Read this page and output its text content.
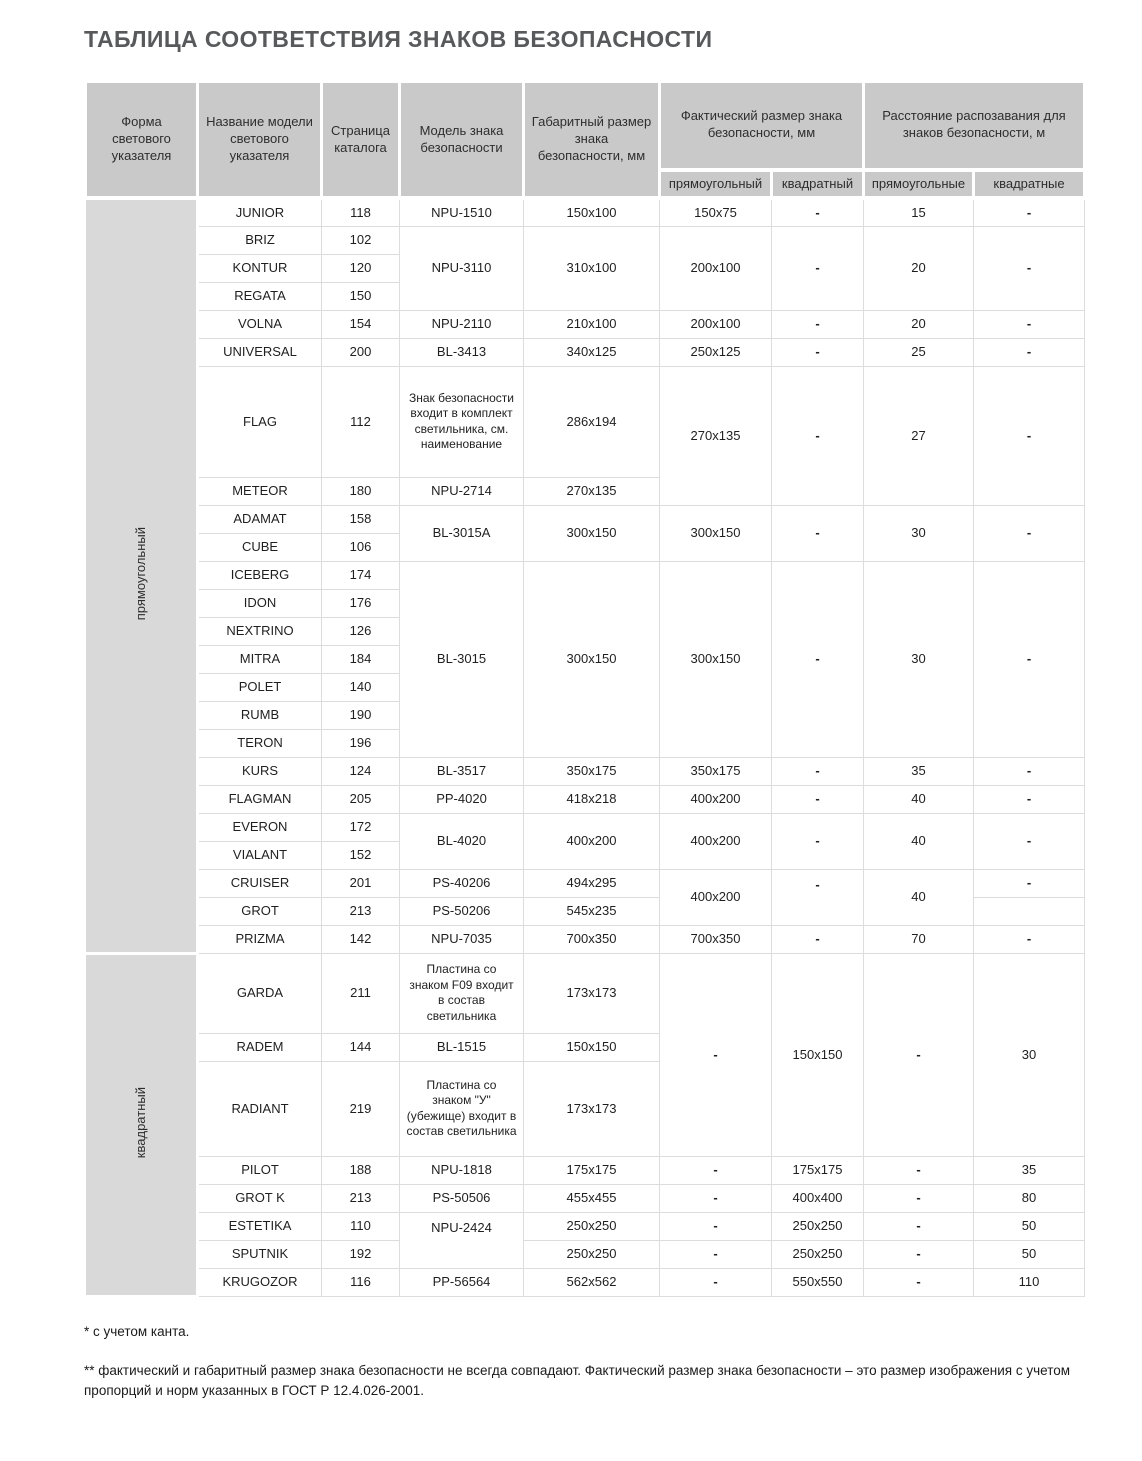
ТАБЛИЦА СООТВЕТСТВИЯ ЗНАКОВ БЕЗОПАСНОСТИ
Форма светового указателя	Название модели светового указателя	Страница каталога	Модель знака безопасности	Габаритный размер знака безопасности, мм	Фактический размер знака безопасности, мм		Расстояние распозавания для знаков безопасности, м	
					прямоугольный	квадратный	прямоугольные	квадратные
прямоугольный	JUNIOR	118	NPU-1510	150x100	150x75	-	15	-
	BRIZ	102	NPU-3110	310x100	200x100	-	20	-
	KONTUR	120						
	REGATA	150						
	VOLNA	154	NPU-2110	210x100	200x100	-	20	-
	UNIVERSAL	200	BL-3413	340x125	250x125	-	25	-
	FLAG	112	Знак безопасности входит в комплект светильника, см. наименование	286x194	270x135	-	27	-
	METEOR	180	NPU-2714	270x135				
	ADAMAT	158	BL-3015A	300x150	300x150	-	30	-
	CUBE	106						
	ICEBERG	174	BL-3015	300x150	300x150	-	30	-
	IDON	176						
	NEXTRINO	126						
	MITRA	184						
	POLET	140						
	RUMB	190						
	TERON	196						
	KURS	124	BL-3517	350x175	350x175	-	35	-
	FLAGMAN	205	PP-4020	418x218	400x200	-	40	-
	EVERON	172	BL-4020	400x200	400x200	-	40	-
	VIALANT	152						
	CRUISER	201	PS-40206	494x295	400x200	-	40	-
	GROT	213	PS-50206	545x235				
	PRIZMA	142	NPU-7035	700x350	700x350	-	70	-
квадратный	GARDA	211	Пластина со знаком F09 входит в состав светильника	173x173	-	150x150	-	30
	RADEM	144	BL-1515	150x150				
	RADIANT	219	Пластина со знаком "У" (убежище) входит в состав светильника	173x173				
	PILOT	188	NPU-1818	175x175	-	175x175	-	35
	GROT K	213	PS-50506	455x455	-	400x400	-	80
	ESTETIKA	110	NPU-2424	250x250	-	250x250	-	50
	SPUTNIK	192		250x250	-	250x250	-	50
	KRUGOZOR	116	PP-56564	562x562	-	550x550	-	110

* с учетом канта.

** фактический и габаритный размер знака безопасности не всегда совпадают. Фактический размер знака безопасности – это размер изображения с учетом пропорций и норм указанных в ГОСТ Р 12.4.026-2001.
